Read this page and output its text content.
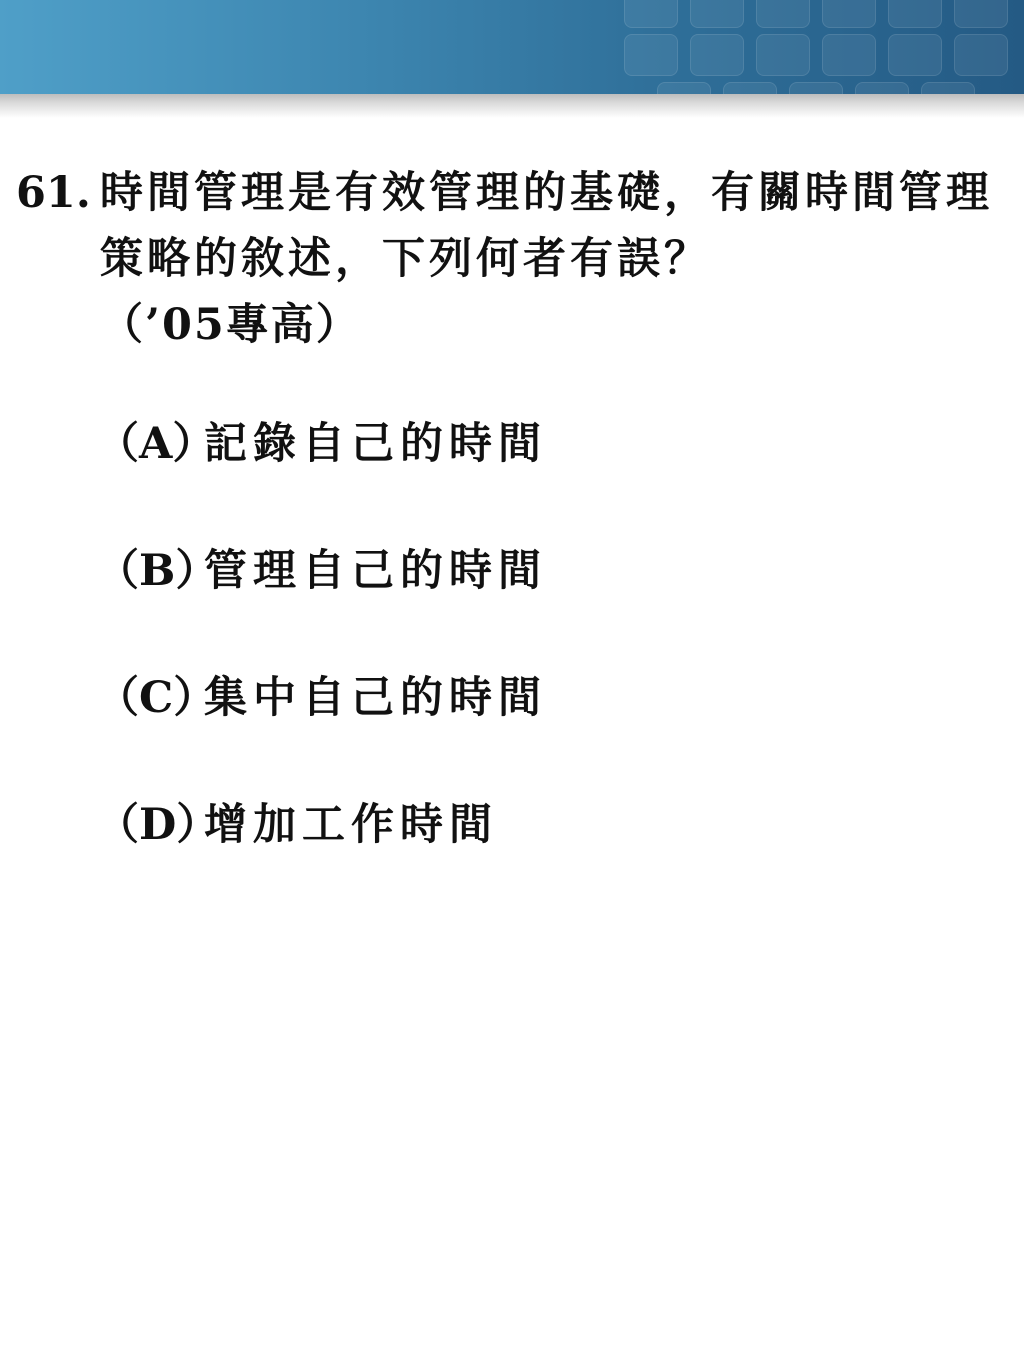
61. 時間管理是有效管理的基礎，有關時間管理策略的敘述，下列何者有誤？
（’05專高）
（A）記錄自己的時間
（B）管理自己的時間
（C）集中自己的時間
（D）增加工作時間
